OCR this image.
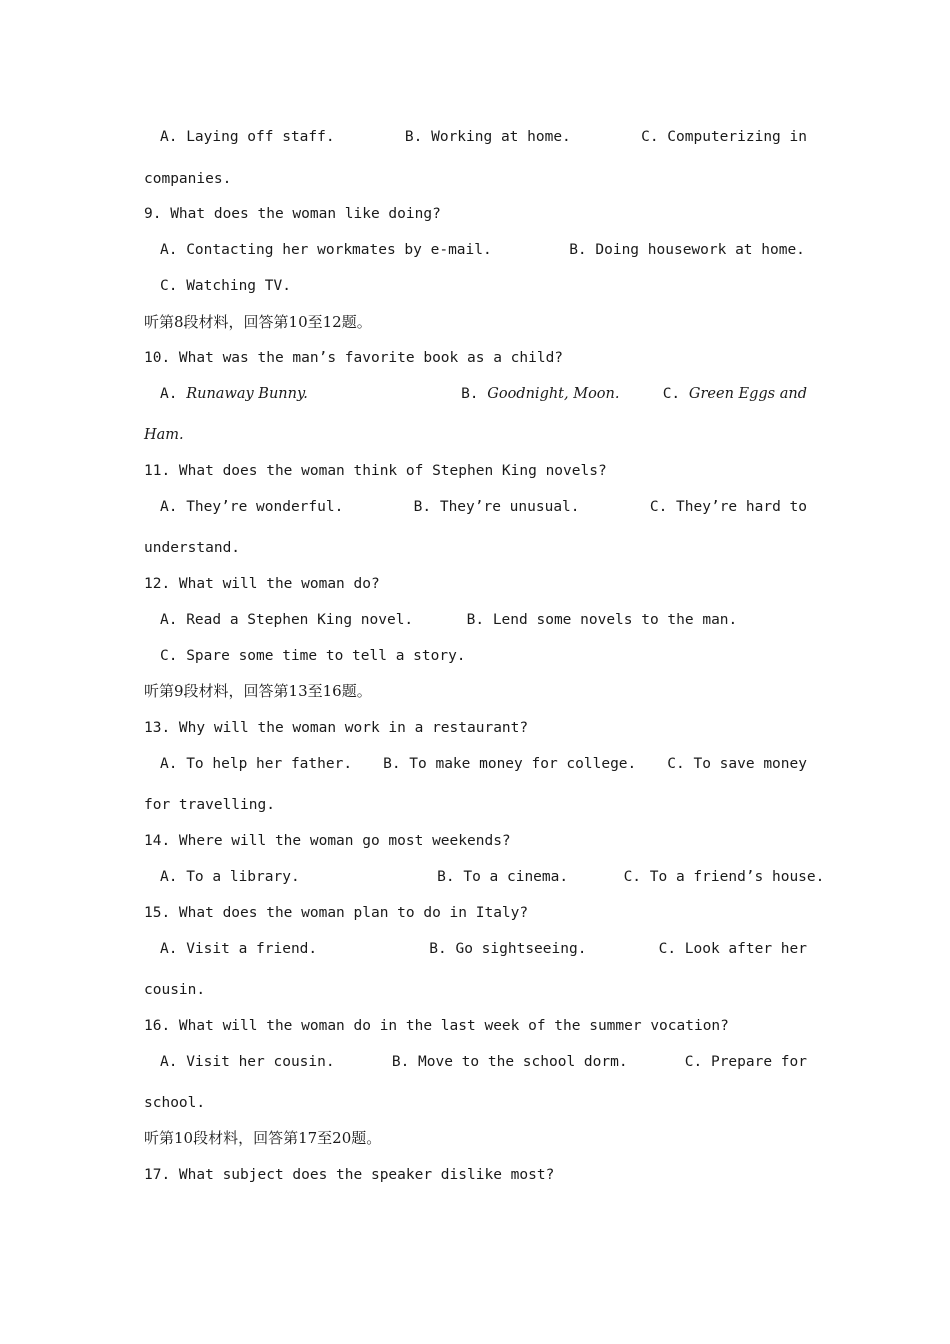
A. Laying off staff.	B. Working at home.	C. Computerizing in
companies.
9. What does the woman like doing?
A. Contacting her workmates by e-mail.	B. Doing housework at home.
C. Watching TV.
听第8段材料，回答第10至12题。
10. What was the man’s favorite book as a child?
A. Runaway Bunny.	B. Goodnight, Moon.	C. Green Eggs and
Ham.
11. What does the woman think of Stephen King novels?
A. They’re wonderful.	B. They’re unusual.	C. They’re hard to
understand.
12. What will the woman do?
A. Read a Stephen King novel.	B. Lend some novels to the man.
C. Spare some time to tell a story.
听第9段材料，回答第13至16题。
13. Why will the woman work in a restaurant?
A. To help her father. B. To make money for college. C. To save money
for travelling.
14. Where will the woman go most weekends?
A. To a library.	B. To a cinema.	C. To a friend’s house.
15. What does the woman plan to do in Italy?
A. Visit a friend.	B. Go sightseeing.	C. Look after her
cousin.
16. What will the woman do in the last week of the summer vocation?
A. Visit her cousin.	B. Move to the school dorm.	C. Prepare for
school.
听第10段材料，回答第17至20题。
17. What subject does the speaker dislike most?
